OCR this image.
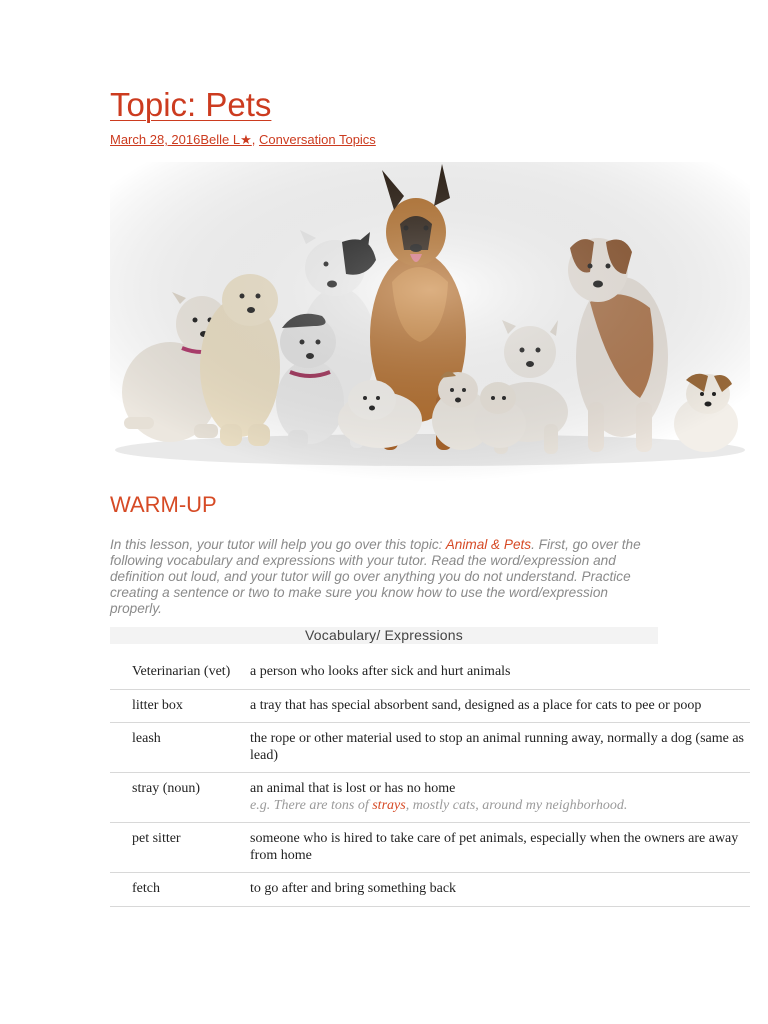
Topic: Pets
March 28, 2016Belle L★, Conversation Topics
WARM-UP

In this lesson, your tutor will help you go over this topic: Animal & Pets. First, go over the following vocabulary and expressions with your tutor. Read the word/expression and definition out loud, and your tutor will go over anything you do not understand. Practice creating a sentence or two to make sure you know how to use the word/expression properly.

Vocabulary/ Expressions
Veterinarian (vet)	a person who looks after sick and hurt animals
litter box	a tray that has special absorbent sand, designed as a place for cats to pee or poop
leash	the rope or other material used to stop an animal running away, normally a dog (same as lead)
stray (noun)	an animal that is lost or has no home
e.g. There are tons of strays, mostly cats, around my neighborhood.

pet sitter	someone who is hired to take care of pet animals, especially when the owners are away from home
fetch	to go after and bring something back
